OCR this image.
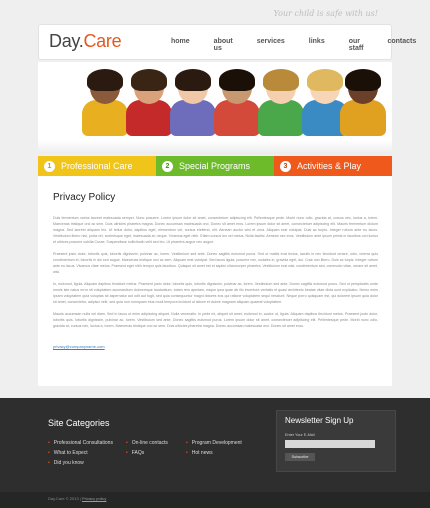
Your child is safe with us!
Day.Care	home	about us
services	links	our staff
contacts
1	Professional Care	2	Special Programs	3	Activities & Play
Privacy Policy

Duis fermentum varius laoreet malesuada semper. Nunc posuere. Lorem ipsum dolor sit amet, consectetuer adipiscing elit. Pellentesque pede. Morbi nunc odio, gravida at, cursus nec, luctus a, lorem. Maecenas tristique orci ac sem. Duis ultricies pharetra magna. Donec accumsan malesuada orci. Donec sit amet eros. Lorem ipsum dolor sit amet, consectetuer adipiscing elit. Mauris fermentum dictum magna. Sed laoreet aliquam leo. Ut tellus dolor, dapibus eget, elementum vel, cursus eleifend, elit. Aenean auctor wisi et urna. Aliquam erat volutpat. Duis ac turpis. Integer rutrum ante eu lacus. Vestibulum libero nisl, porta vel, scelerisque eget, malesuada at, neque. Vivamus eget nibh. Etiam cursus leo vel metus. Nulla facilisi. Aenean nec eros. Vestibulum ante ipsum primis in faucibus orci luctus et ultrices posuere cubilia Curae; Suspendisse sollicitudin velit sed leo. Ut pharetra augue nec augue.

Praesent justo dolor, lobortis quis, lobortis dignissim, pulvinar ac, lorem. Vestibulum sed ante. Donec sagittis euismod purus. Sed ut mattis erat lectus, iaculis in nec tincidunt ornare, odio, viverra quis condimentum et, lobortis in dui sed augue. Maecenas tristique orci ac sem. Aliquam erat volutpat. Sed lacus ligula, posuere nec, sodales in, gravida eget, dui. Cras non libero. Duis ac turpis. Integer rutrum ante eu lacus. Vivamus vitae metus. Praesent eget nibh tempor quis faucibus. Quisque sit amet est et sapien ullamcorper pharetra. Vestibulum erat wisi, condimentum sed, commodo vitae, ornare sit amet, wisi.

In, euismod, ligula. Aliquam dapibus tincidunt metus. Praesent justo dolor, lobortis quis, lobortis dignissim, pulvinar ac, lorem. Vestibulum sed ante. Donec sagittis euismod purus. Sed ut perspiciatis unde omnis iste natus error sit voluptatem accusantium doloremque laudantium, totam rem aperiam, eaque ipsa quae ab illo inventore veritatis et quasi architecto beatae vitae dicta sunt explicabo. Nemo enim ipsam voluptatem quia voluptas sit aspernatur aut odit aut fugit, sed quia consequuntur magni dolores eos qui ratione voluptatem sequi nesciunt. Neque porro quisquam est, qui dolorem ipsum quia dolor sit amet, consectetur, adipisci velit, sed quia non numquam eius modi tempora incidunt ut labore et dolore magnam aliquam quaerat voluptatem.

Mauris accumsan nulla vel diam. Sed in lacus ut enim adipiscing aliquet. Nulla venenatis. In pede mi, aliquet sit amet, euismod in, auctor ut, ligula. Aliquam dapibus tincidunt metus. Praesent justo dolor, lobortis quis, lobortis dignissim, pulvinar ac, lorem. Vestibulum sed ante. Donec sagittis euismod purus. Lorem ipsum dolor sit amet, consectetuer adipiscing elit. Pellentesque pede. Morbi nunc odio, gravida at, cursus nec, luctus a, lorem. Maecenas tristique orci ac sem. Duis ultricies pharetra magna. Donec accumsan malesuada orci. Donec sit amet eros.

privacy@companyname.com
Site Categories
• Professional Consultations
• What to Expect
• Did you know
• On-line contacts
• FAQs
• Program Development
• Hot news
Newsletter Sign Up
Enter Your E-Mail
Subscribe
Day.Care © 2013 | Privacy policy
